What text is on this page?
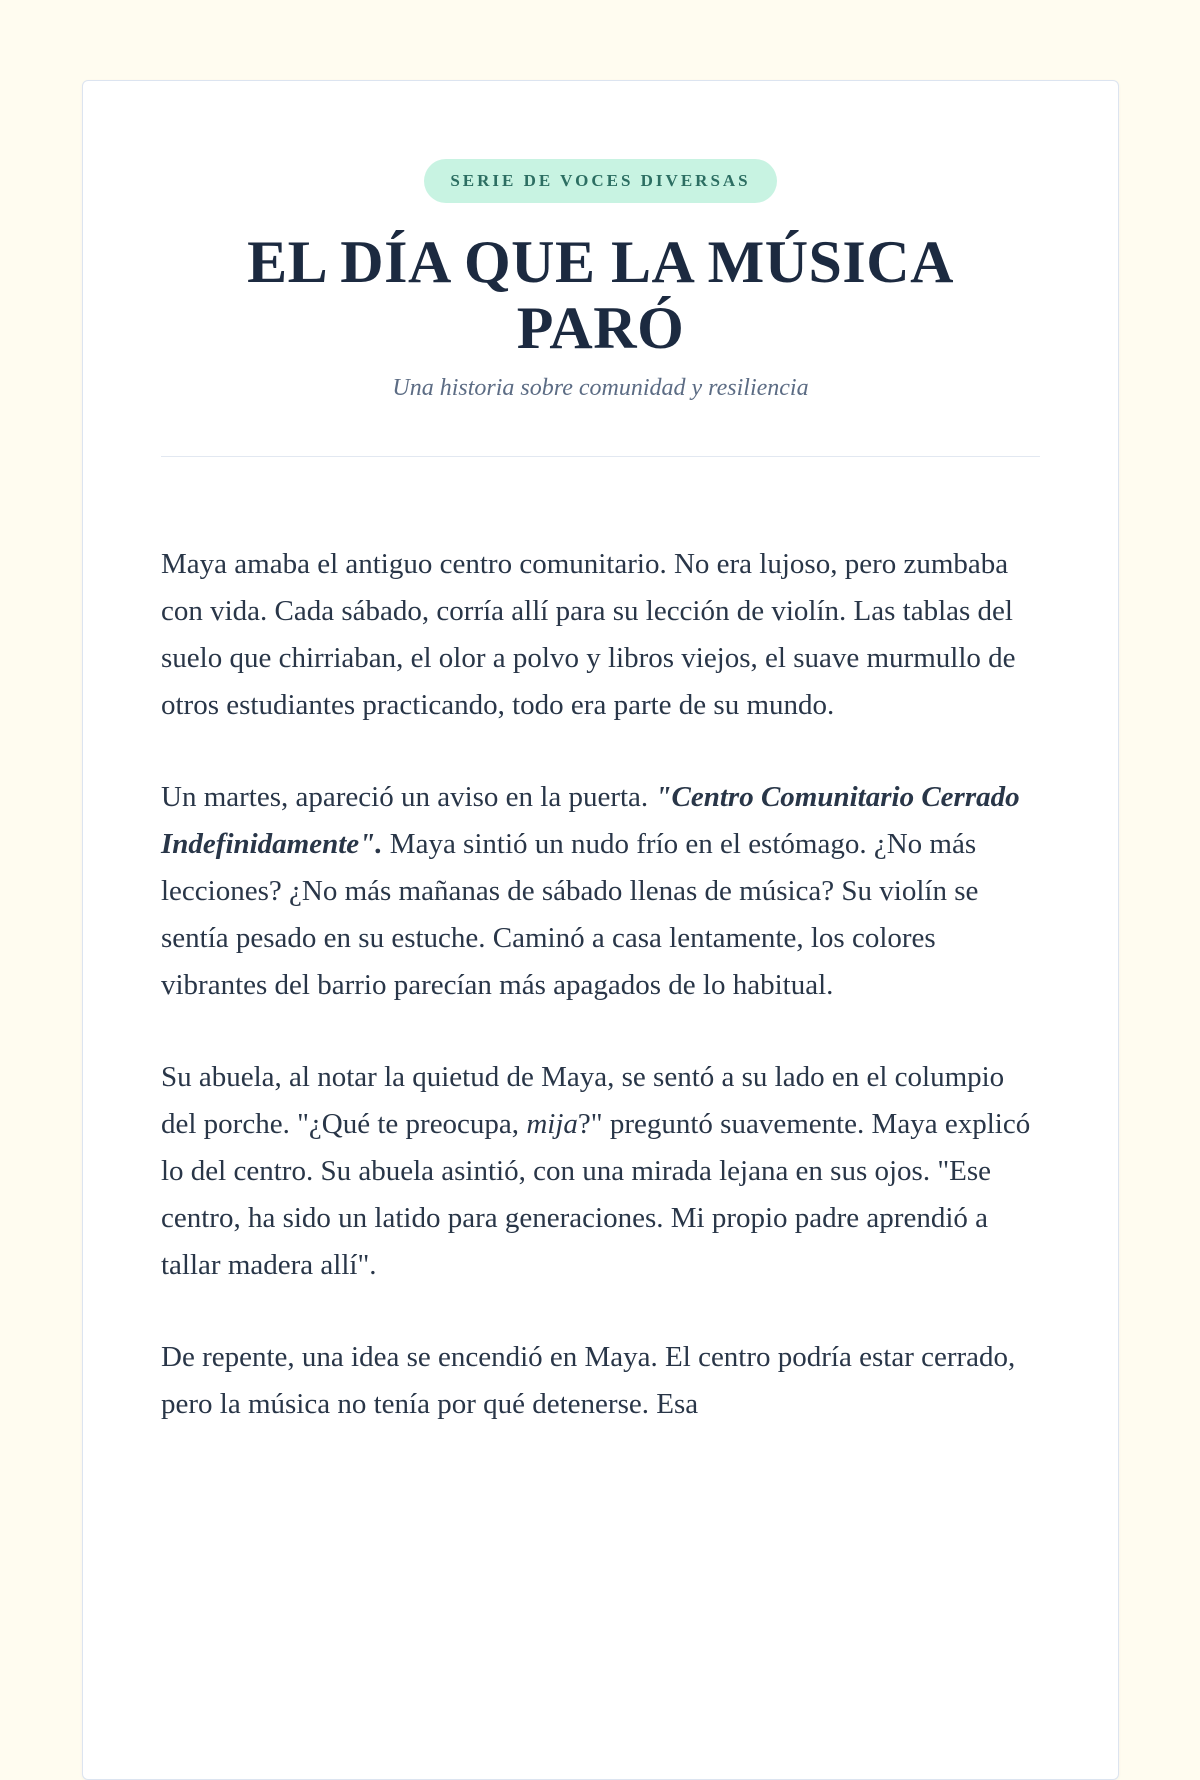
SERIE DE VOCES DIVERSAS
EL DÍA QUE LA MÚSICA
PARÓ
Una historia sobre comunidad y resiliencia

Maya amaba el antiguo centro comunitario. No era lujoso, pero zumbaba con vida. Cada sábado, corría allí para su lección de violín. Las tablas del suelo que chirriaban, el olor a polvo y libros viejos, el suave murmullo de otros estudiantes practicando, todo era parte de su mundo.

Un martes, apareció un aviso en la puerta. "Centro Comunitario Cerrado Indefinidamente". Maya sintió un nudo frío en el estómago. ¿No más lecciones? ¿No más mañanas de sábado llenas de música? Su violín se sentía pesado en su estuche. Caminó a casa lentamente, los colores vibrantes del barrio parecían más apagados de lo habitual.

Su abuela, al notar la quietud de Maya, se sentó a su lado en el columpio del porche. "¿Qué te preocupa, mija?" preguntó suavemente. Maya explicó lo del centro. Su abuela asintió, con una mirada lejana en sus ojos. "Ese centro, ha sido un latido para generaciones. Mi propio padre aprendió a tallar madera allí".

De repente, una idea se encendió en Maya. El centro podría estar cerrado, pero la música no tenía por qué detenerse. Esa
